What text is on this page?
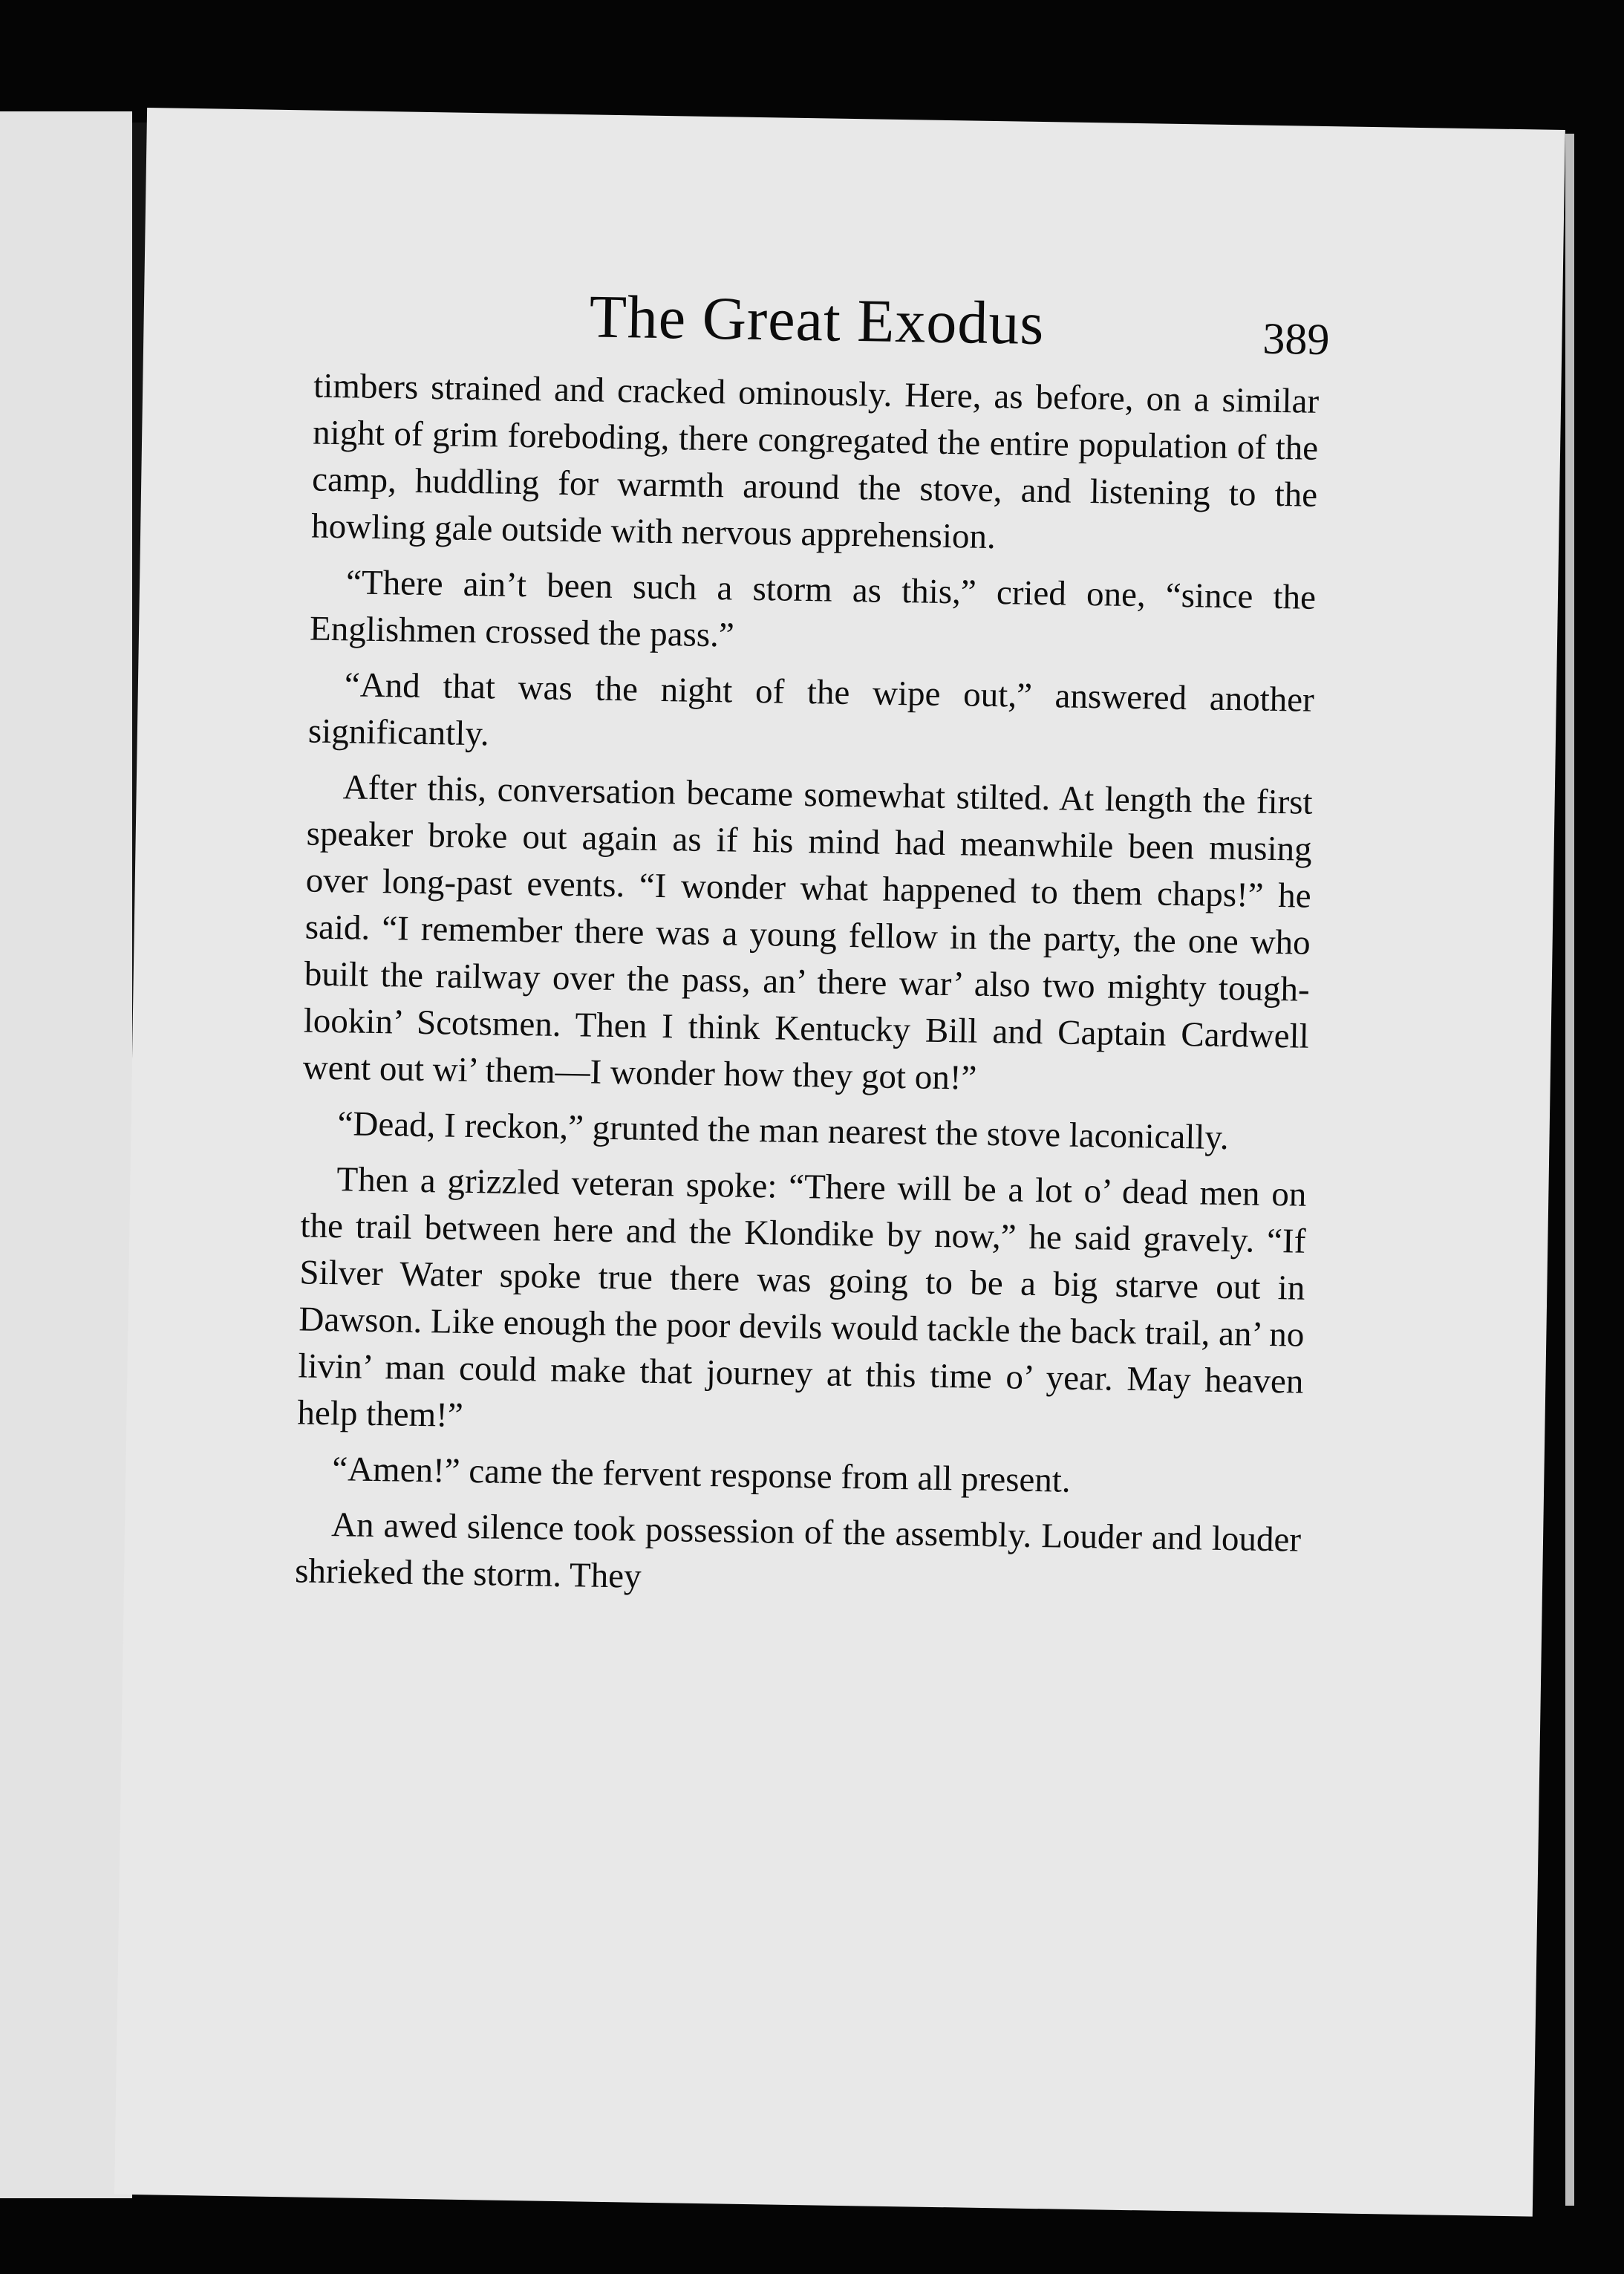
The Great Exodus	389

timbers strained and cracked ominously. Here, as before, on a similar night of grim foreboding, there congregated the entire population of the camp, huddling for warmth around the stove, and listening to the howling gale outside with nervous apprehension.

“There ain’t been such a storm as this,” cried one, “since the Englishmen crossed the pass.”

“And that was the night of the wipe out,” answered another significantly.

After this, conversation became somewhat stilted. At length the first speaker broke out again as if his mind had meanwhile been musing over long-past events. “I wonder what happened to them chaps!” he said. “I remember there was a young fellow in the party, the one who built the railway over the pass, an’ there war’ also two mighty tough-lookin’ Scotsmen. Then I think Kentucky Bill and Captain Cardwell went out wi’ them—I wonder how they got on!”

“Dead, I reckon,” grunted the man nearest the stove laconically.

Then a grizzled veteran spoke: “There will be a lot o’ dead men on the trail between here and the Klondike by now,” he said gravely. “If Silver Water spoke true there was going to be a big starve out in Dawson. Like enough the poor devils would tackle the back trail, an’ no livin’ man could make that journey at this time o’ year. May heaven help them!”

“Amen!” came the fervent response from all present.

An awed silence took possession of the assembly. Louder and louder shrieked the storm. They
